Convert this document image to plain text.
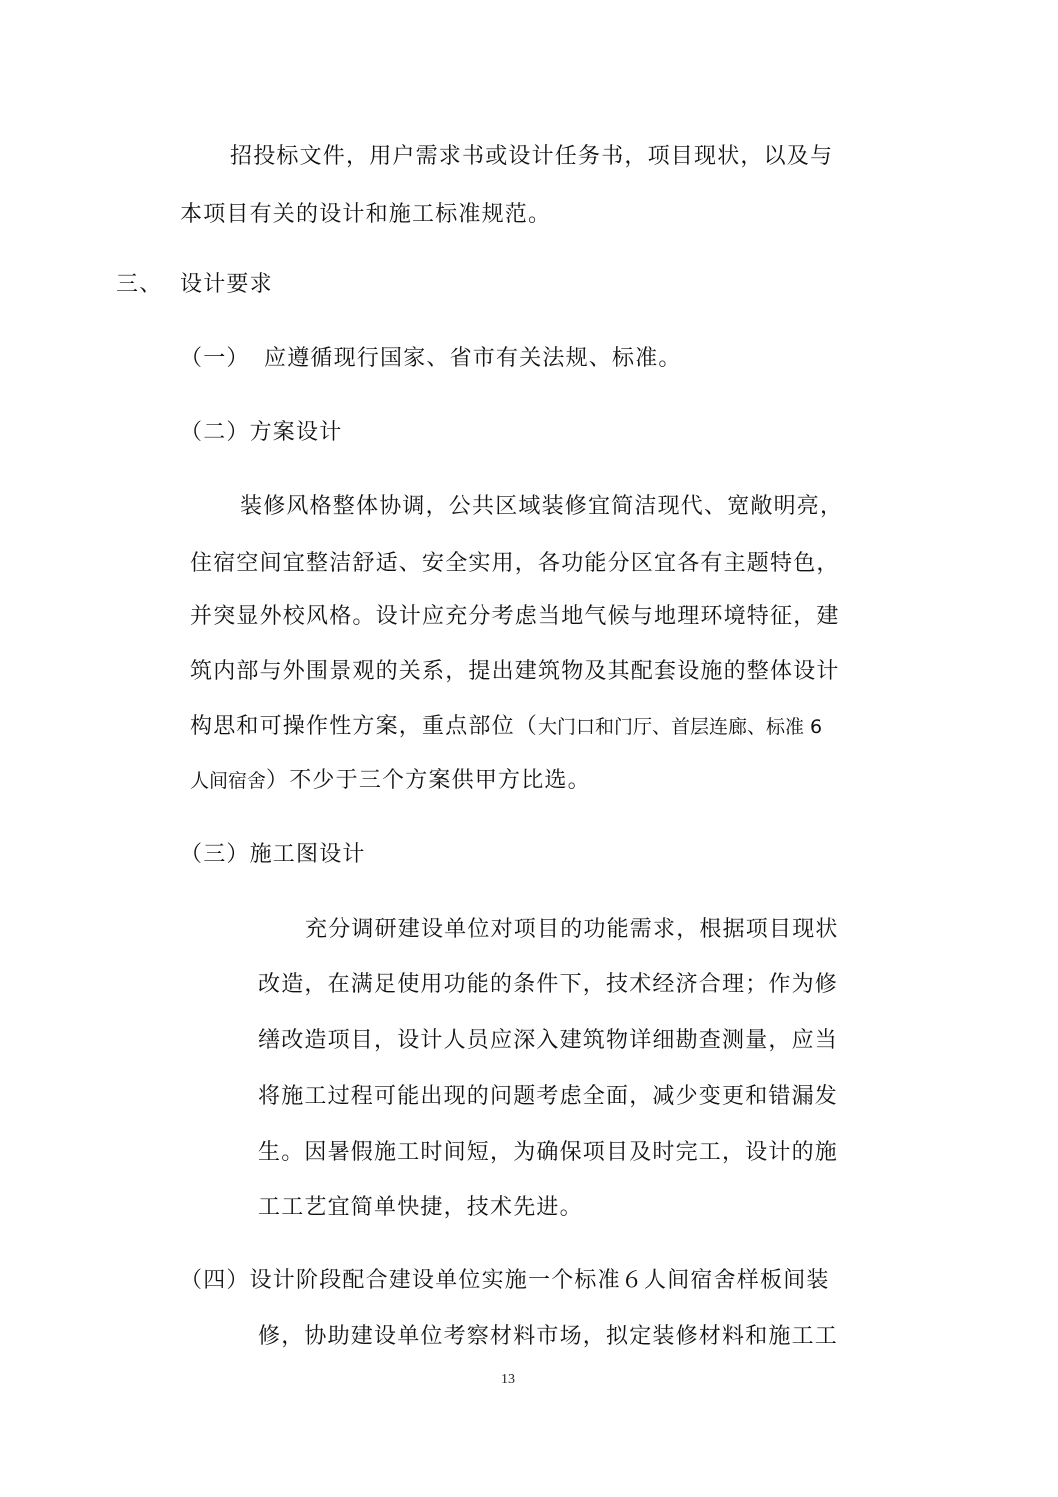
招投标文件，用户需求书或设计任务书，项目现状，以及与
本项目有关的设计和施工标准规范。
三、 设计要求
（一） 应遵循现行国家、省市有关法规、标准。
（二）方案设计
装修风格整体协调，公共区域装修宜简洁现代、宽敞明亮，
住宿空间宜整洁舒适、安全实用，各功能分区宜各有主题特色，
并突显外校风格。设计应充分考虑当地气候与地理环境特征，建
筑内部与外围景观的关系，提出建筑物及其配套设施的整体设计
构思和可操作性方案，重点部位（大门口和门厅、首层连廊、标准 6
人间宿舍）不少于三个方案供甲方比选。
（三）施工图设计
充分调研建设单位对项目的功能需求，根据项目现状
改造，在满足使用功能的条件下，技术经济合理；作为修
缮改造项目，设计人员应深入建筑物详细勘查测量，应当
将施工过程可能出现的问题考虑全面，减少变更和错漏发
生。因暑假施工时间短，为确保项目及时完工，设计的施
工工艺宜简单快捷，技术先进。
（四）设计阶段配合建设单位实施一个标准６人间宿舍样板间装
修，协助建设单位考察材料市场，拟定装修材料和施工工
13
